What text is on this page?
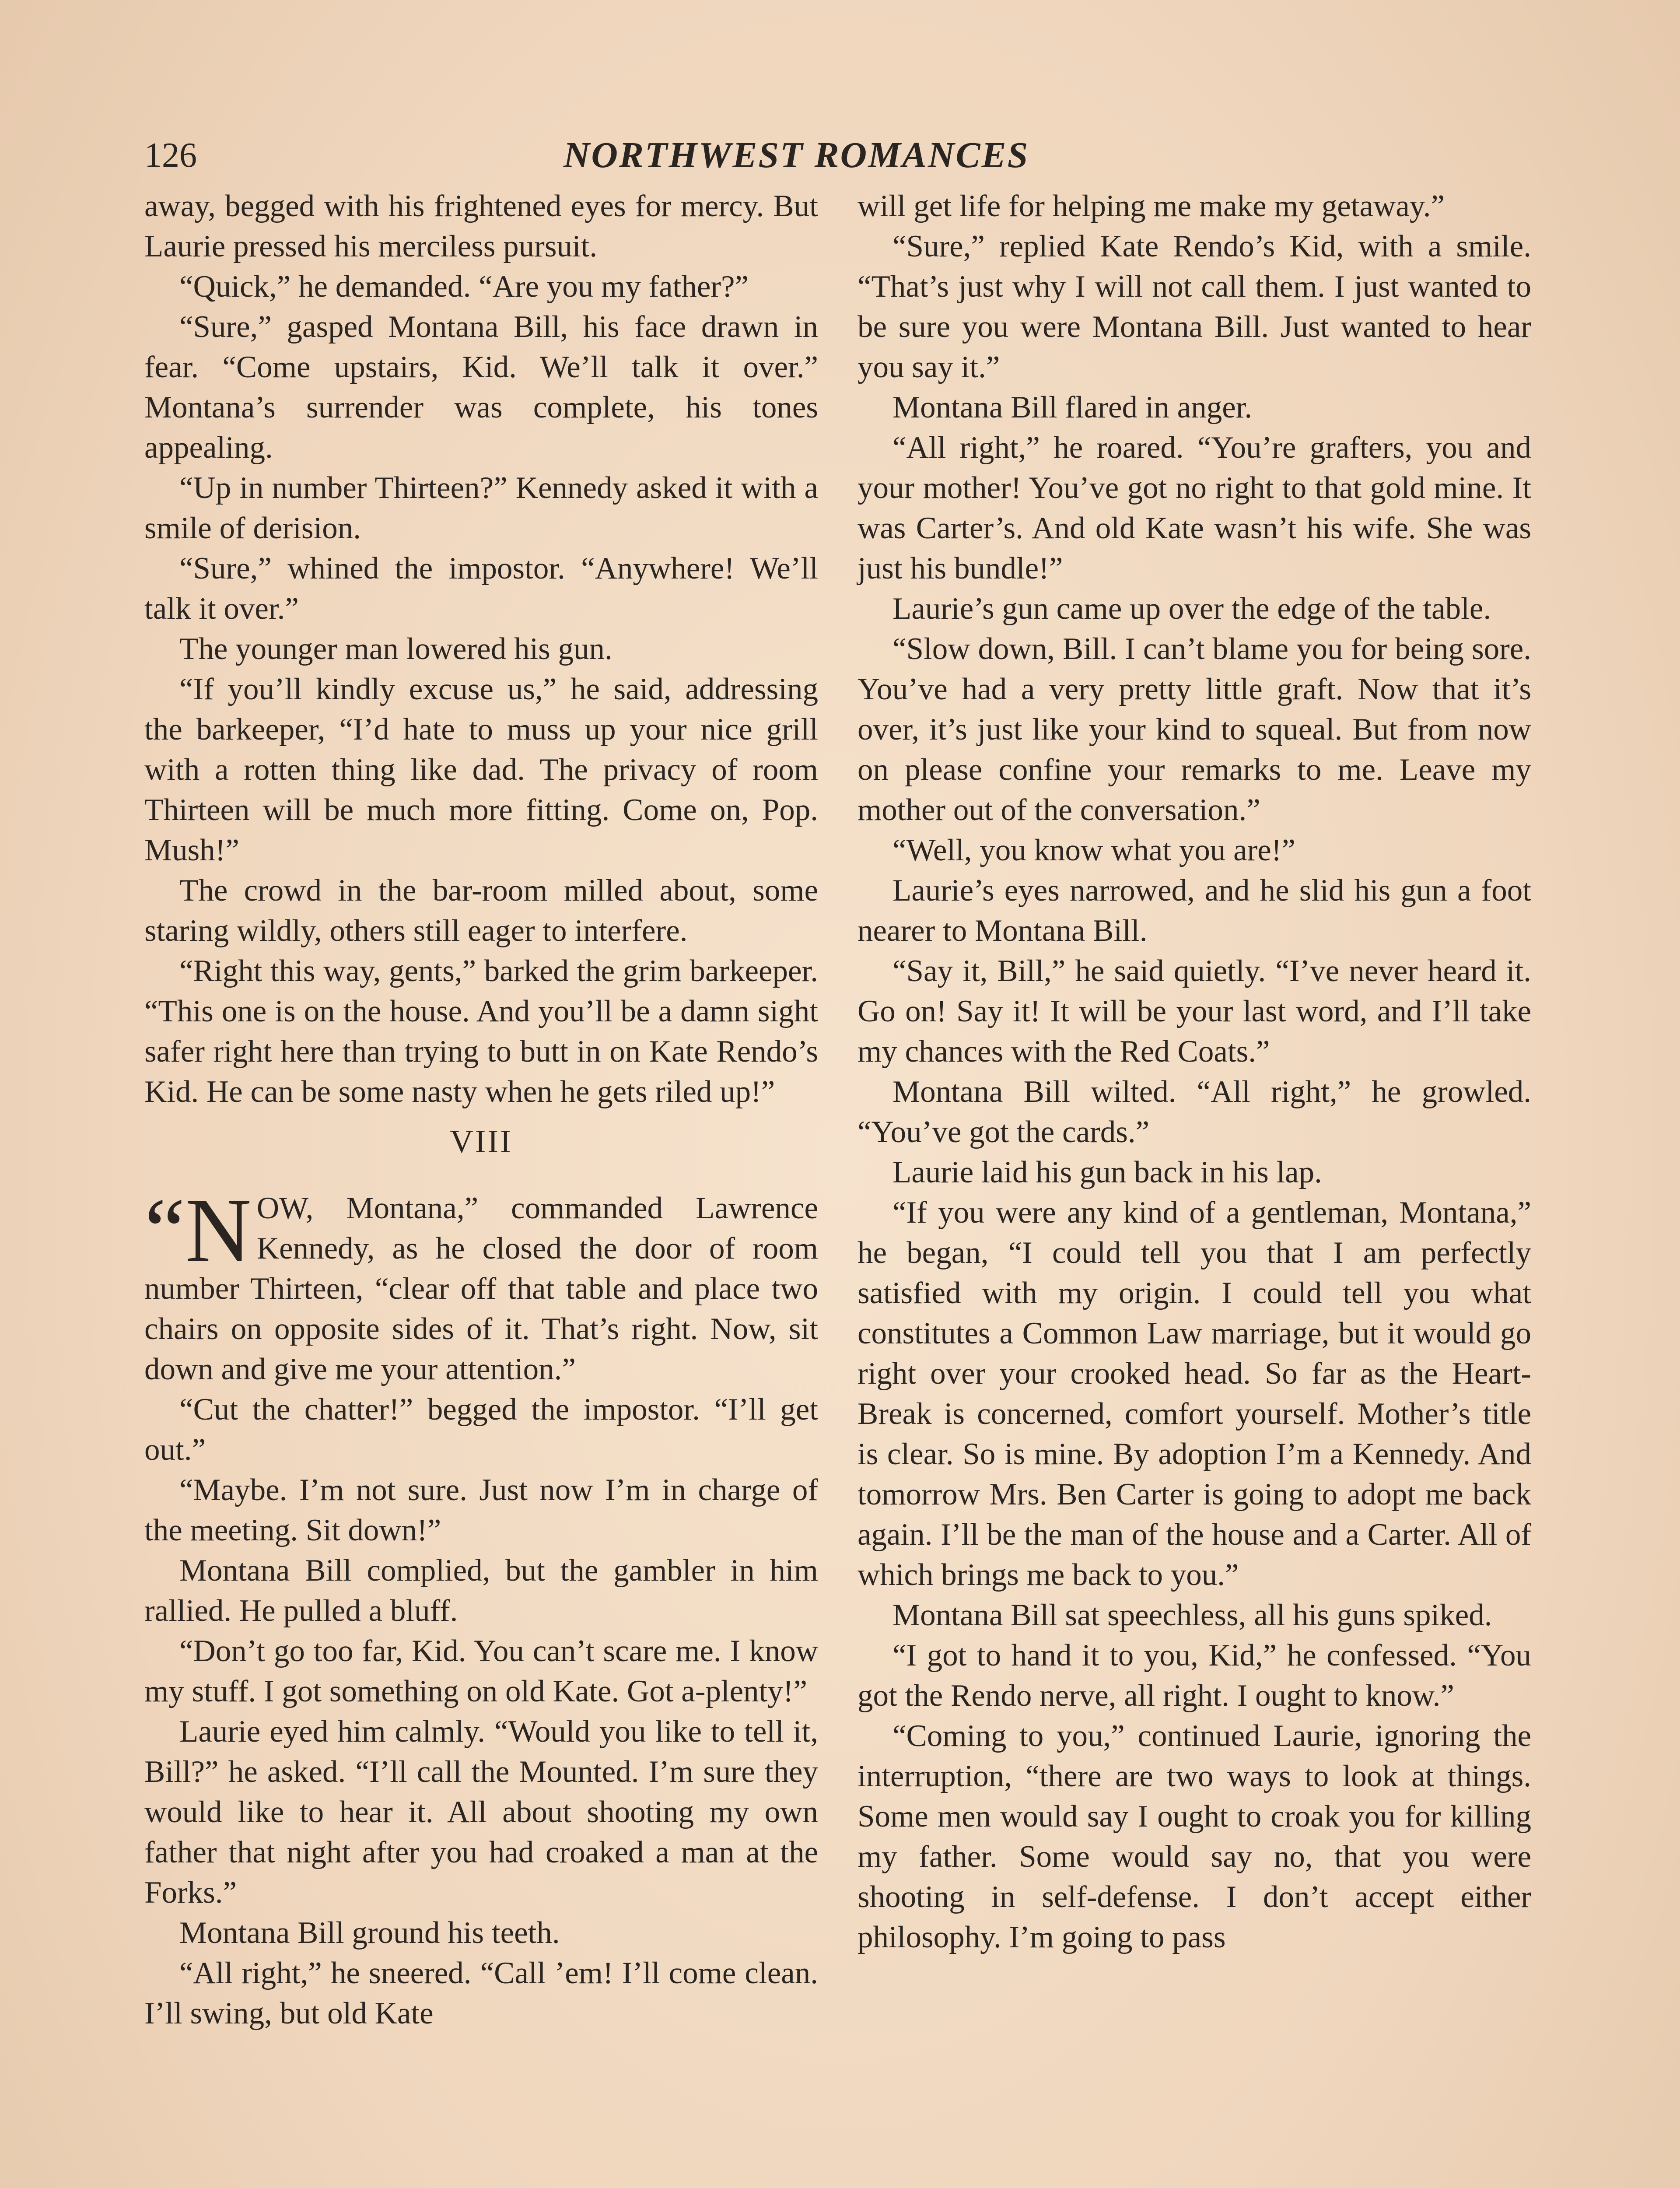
126	NORTHWEST ROMANCES

away, begged with his frightened eyes for mercy. But Laurie pressed his merciless pursuit.

“Quick,” he demanded. “Are you my father?”

“Sure,” gasped Montana Bill, his face drawn in fear. “Come upstairs, Kid. We’ll talk it over.” Montana’s surrender was complete, his tones appealing.

“Up in number Thirteen?” Kennedy asked it with a smile of derision.

“Sure,” whined the impostor. “Anywhere! We’ll talk it over.”

The younger man lowered his gun.

“If you’ll kindly excuse us,” he said, addressing the barkeeper, “I’d hate to muss up your nice grill with a rotten thing like dad. The privacy of room Thirteen will be much more fitting. Come on, Pop. Mush!”

The crowd in the bar-room milled about, some staring wildly, others still eager to interfere.

“Right this way, gents,” barked the grim barkeeper. “This one is on the house. And you’ll be a damn sight safer right here than trying to butt in on Kate Rendo’s Kid. He can be some nasty when he gets riled up!”

VIII

“NOW, Montana,” commanded Lawrence Kennedy, as he closed the door of room number Thirteen, “clear off that table and place two chairs on opposite sides of it. That’s right. Now, sit down and give me your attention.”

“Cut the chatter!” begged the impostor. “I’ll get out.”

“Maybe. I’m not sure. Just now I’m in charge of the meeting. Sit down!”

Montana Bill complied, but the gambler in him rallied. He pulled a bluff.

“Don’t go too far, Kid. You can’t scare me. I know my stuff. I got something on old Kate. Got a-plenty!”

Laurie eyed him calmly. “Would you like to tell it, Bill?” he asked. “I’ll call the Mounted. I’m sure they would like to hear it. All about shooting my own father that night after you had croaked a man at the Forks.”

Montana Bill ground his teeth.

“All right,” he sneered. “Call ’em! I’ll come clean. I’ll swing, but old Kate

will get life for helping me make my getaway.”

“Sure,” replied Kate Rendo’s Kid, with a smile. “That’s just why I will not call them. I just wanted to be sure you were Montana Bill. Just wanted to hear you say it.”

Montana Bill flared in anger.

“All right,” he roared. “You’re grafters, you and your mother! You’ve got no right to that gold mine. It was Carter’s. And old Kate wasn’t his wife. She was just his bundle!”

Laurie’s gun came up over the edge of the table.

“Slow down, Bill. I can’t blame you for being sore. You’ve had a very pretty little graft. Now that it’s over, it’s just like your kind to squeal. But from now on please confine your remarks to me. Leave my mother out of the conversation.”

“Well, you know what you are!”

Laurie’s eyes narrowed, and he slid his gun a foot nearer to Montana Bill.

“Say it, Bill,” he said quietly. “I’ve never heard it. Go on! Say it! It will be your last word, and I’ll take my chances with the Red Coats.”

Montana Bill wilted. “All right,” he growled. “You’ve got the cards.”

Laurie laid his gun back in his lap.

“If you were any kind of a gentleman, Montana,” he began, “I could tell you that I am perfectly satisfied with my origin. I could tell you what constitutes a Common Law marriage, but it would go right over your crooked head. So far as the Heart-Break is concerned, comfort yourself. Mother’s title is clear. So is mine. By adoption I’m a Kennedy. And tomorrow Mrs. Ben Carter is going to adopt me back again. I’ll be the man of the house and a Carter. All of which brings me back to you.”

Montana Bill sat speechless, all his guns spiked.

“I got to hand it to you, Kid,” he confessed. “You got the Rendo nerve, all right. I ought to know.”

“Coming to you,” continued Laurie, ignoring the interruption, “there are two ways to look at things. Some men would say I ought to croak you for killing my father. Some would say no, that you were shooting in self-defense. I don’t accept either philosophy. I’m going to pass
